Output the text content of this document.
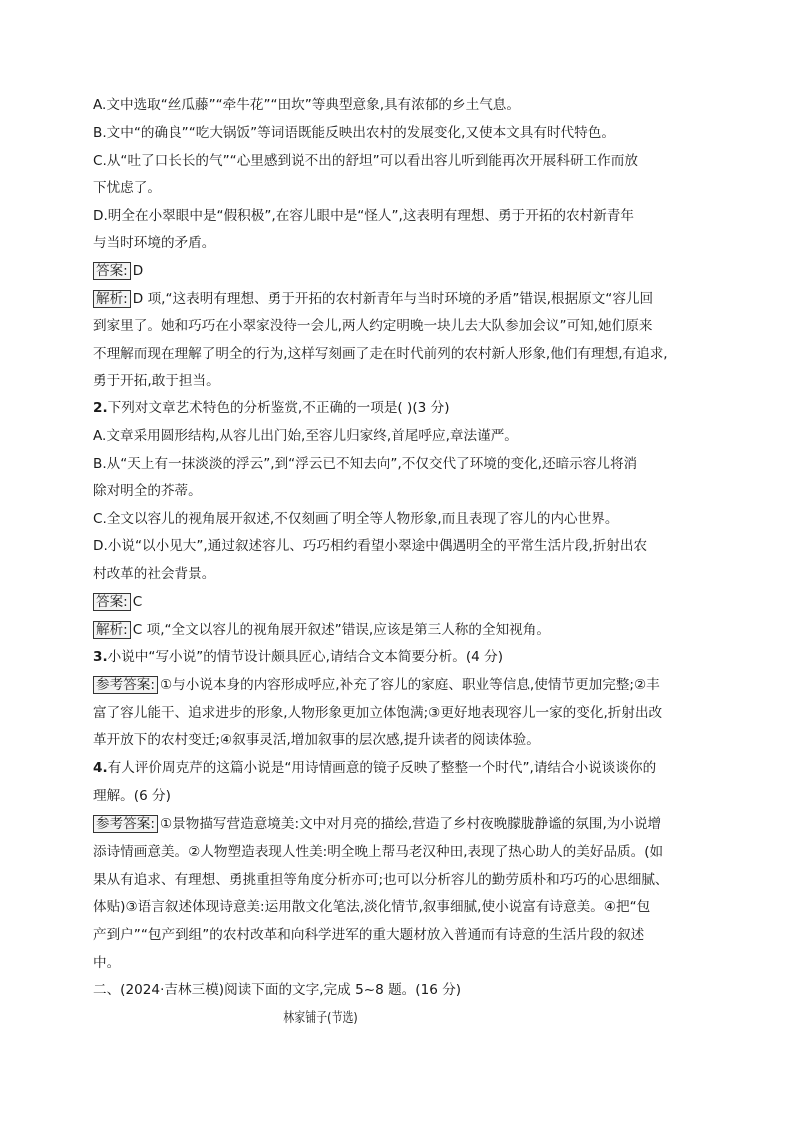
A.文中选取“丝瓜藤”“牵牛花”“田坎”等典型意象,具有浓郁的乡土气息。
B.文中“的确良”“吃大锅饭”等词语既能反映出农村的发展变化,又使本文具有时代特色。
C.从“吐了口长长的气”“心里感到说不出的舒坦”可以看出容儿听到能再次开展科研工作而放
下忧虑了。
D.明全在小翠眼中是“假积极”,在容儿眼中是“怪人”,这表明有理想、勇于开拓的农村新青年
与当时环境的矛盾。
答案: D
解析: D 项,“这表明有理想、勇于开拓的农村新青年与当时环境的矛盾”错误,根据原文“容儿回
到家里了。她和巧巧在小翠家没待一会儿,两人约定明晚一块儿去大队参加会议”可知,她们原来
不理解而现在理解了明全的行为,这样写刻画了走在时代前列的农村新人形象,他们有理想,有追求,
勇于开拓,敢于担当。
2.下列对文章艺术特色的分析鉴赏,不正确的一项是( )(3 分)
A.文章采用圆形结构,从容儿出门始,至容儿归家终,首尾呼应,章法谨严。
B.从“天上有一抹淡淡的浮云”,到“浮云已不知去向”,不仅交代了环境的变化,还暗示容儿将消
除对明全的芥蒂。
C.全文以容儿的视角展开叙述,不仅刻画了明全等人物形象,而且表现了容儿的内心世界。
D.小说“以小见大”,通过叙述容儿、巧巧相约看望小翠途中偶遇明全的平常生活片段,折射出农
村改革的社会背景。
答案: C
解析: C 项,“全文以容儿的视角展开叙述”错误,应该是第三人称的全知视角。
3.小说中“写小说”的情节设计颇具匠心,请结合文本简要分析。(4 分)
参考答案: ①与小说本身的内容形成呼应,补充了容儿的家庭、职业等信息,使情节更加完整;②丰
富了容儿能干、追求进步的形象,人物形象更加立体饱满;③更好地表现容儿一家的变化,折射出改
革开放下的农村变迁;④叙事灵活,增加叙事的层次感,提升读者的阅读体验。
4.有人评价周克芹的这篇小说是“用诗情画意的镜子反映了整整一个时代”,请结合小说谈谈你的
理解。(6 分)
参考答案: ①景物描写营造意境美:文中对月亮的描绘,营造了乡村夜晚朦胧静谧的氛围,为小说增
添诗情画意美。②人物塑造表现人性美:明全晚上帮马老汉种田,表现了热心助人的美好品质。(如
果从有追求、有理想、勇挑重担等角度分析亦可;也可以分析容儿的勤劳质朴和巧巧的心思细腻、
体贴)③语言叙述体现诗意美:运用散文化笔法,淡化情节,叙事细腻,使小说富有诗意美。④把“包
产到户”“包产到组”的农村改革和向科学进军的重大题材放入普通而有诗意的生活片段的叙述
中。
二、(2024·吉林三模)阅读下面的文字,完成 5~8 题。(16 分)
林家铺子(节选)
